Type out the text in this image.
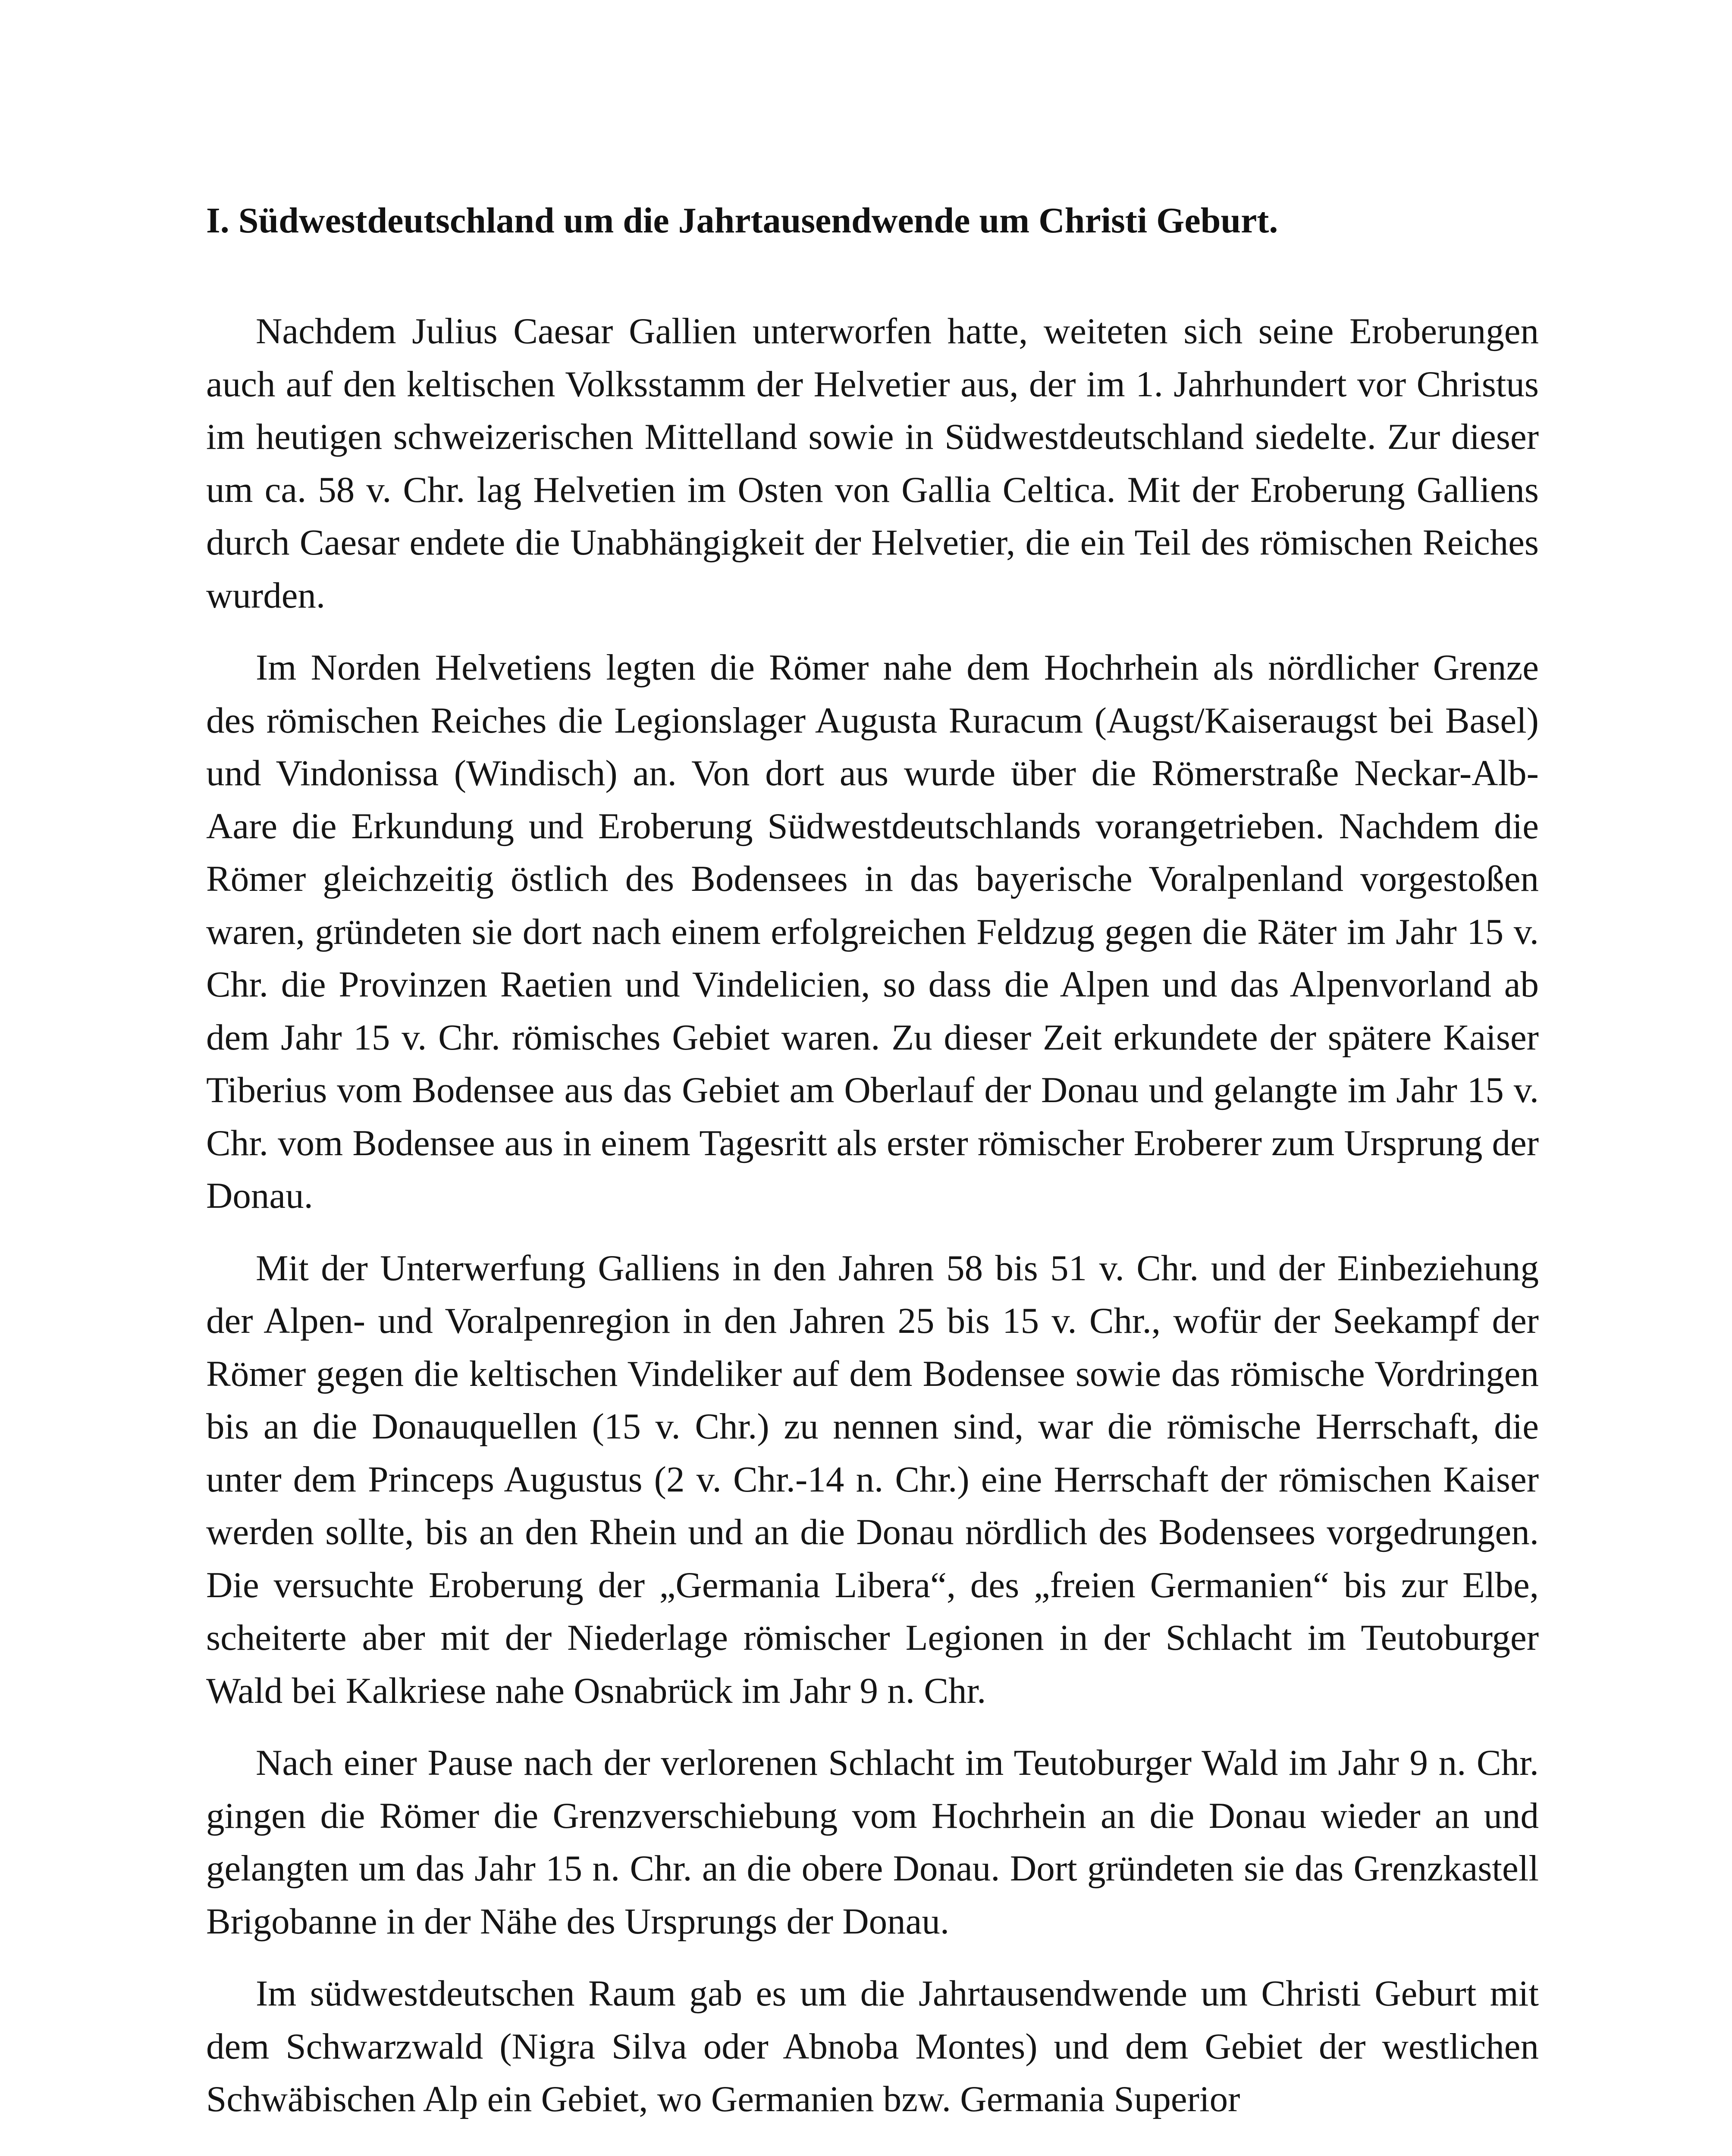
I. Südwestdeutschland um die Jahrtausendwende um Christi Geburt.

Nachdem Julius Caesar Gallien unterworfen hatte, weiteten sich seine Eroberungen auch auf den keltischen Volksstamm der Helvetier aus, der im 1. Jahrhundert vor Christus im heutigen schweizerischen Mittelland sowie in Südwestdeutschland siedelte. Zur dieser um ca. 58 v. Chr. lag Helvetien im Osten von Gallia Celtica. Mit der Eroberung Galliens durch Caesar endete die Unabhängigkeit der Helvetier, die ein Teil des römischen Reiches wurden.

Im Norden Helvetiens legten die Römer nahe dem Hochrhein als nördlicher Grenze des römischen Reiches die Legionslager Augusta Ruracum (Augst/​Kaiseraugst bei Basel) und Vindonissa (Windisch) an. Von dort aus wurde über die Römerstraße Neckar-Alb-Aare die Erkundung und Eroberung Südwestdeutschlands vorangetrieben. Nachdem die Römer gleichzeitig östlich des Bodensees in das bayerische Voralpenland vorgestoßen waren, gründeten sie dort nach einem erfolgreichen Feldzug gegen die Räter im Jahr 15 v. Chr. die Provinzen Raetien und Vindelicien, so dass die Alpen und das Alpenvorland ab dem Jahr 15 v. Chr. römisches Gebiet waren. Zu dieser Zeit erkundete der spätere Kaiser Tiberius vom Bodensee aus das Gebiet am Oberlauf der Donau und gelangte im Jahr 15 v. Chr. vom Bodensee aus in einem Tagesritt als erster römischer Eroberer zum Ursprung der Donau.

Mit der Unterwerfung Galliens in den Jahren 58 bis 51 v. Chr. und der Einbeziehung der Alpen- und Voralpenregion in den Jahren 25 bis 15 v. Chr., wofür der Seekampf der Römer gegen die keltischen Vindeliker auf dem Bodensee sowie das römische Vordringen bis an die Donauquellen (15 v. Chr.) zu nennen sind, war die römische Herrschaft, die unter dem Princeps Augustus (2 v. Chr.-​14 n. Chr.) eine Herrschaft der römischen Kaiser werden sollte, bis an den Rhein und an die Donau nördlich des Bodensees vorgedrungen. Die versuchte Eroberung der „Germania Libera“, des „freien Germanien“ bis zur Elbe, scheiterte aber mit der Niederlage römischer Legionen in der Schlacht im Teutoburger Wald bei Kalkriese nahe Osnabrück im Jahr 9 n. Chr.

Nach einer Pause nach der verlorenen Schlacht im Teutoburger Wald im Jahr 9 n. Chr. gingen die Römer die Grenzverschiebung vom Hochrhein an die Donau wieder an und gelangten um das Jahr 15 n. Chr. an die obere Donau. Dort gründeten sie das Grenzkastell Brigobanne in der Nähe des Ursprungs der Donau.

Im südwestdeutschen Raum gab es um die Jahrtausendwende um Christi Geburt mit dem Schwarzwald (Nigra Silva oder Abnoba Montes) und dem Gebiet der westlichen Schwäbischen Alp ein Gebiet, wo Germanien bzw. Germania Superior
